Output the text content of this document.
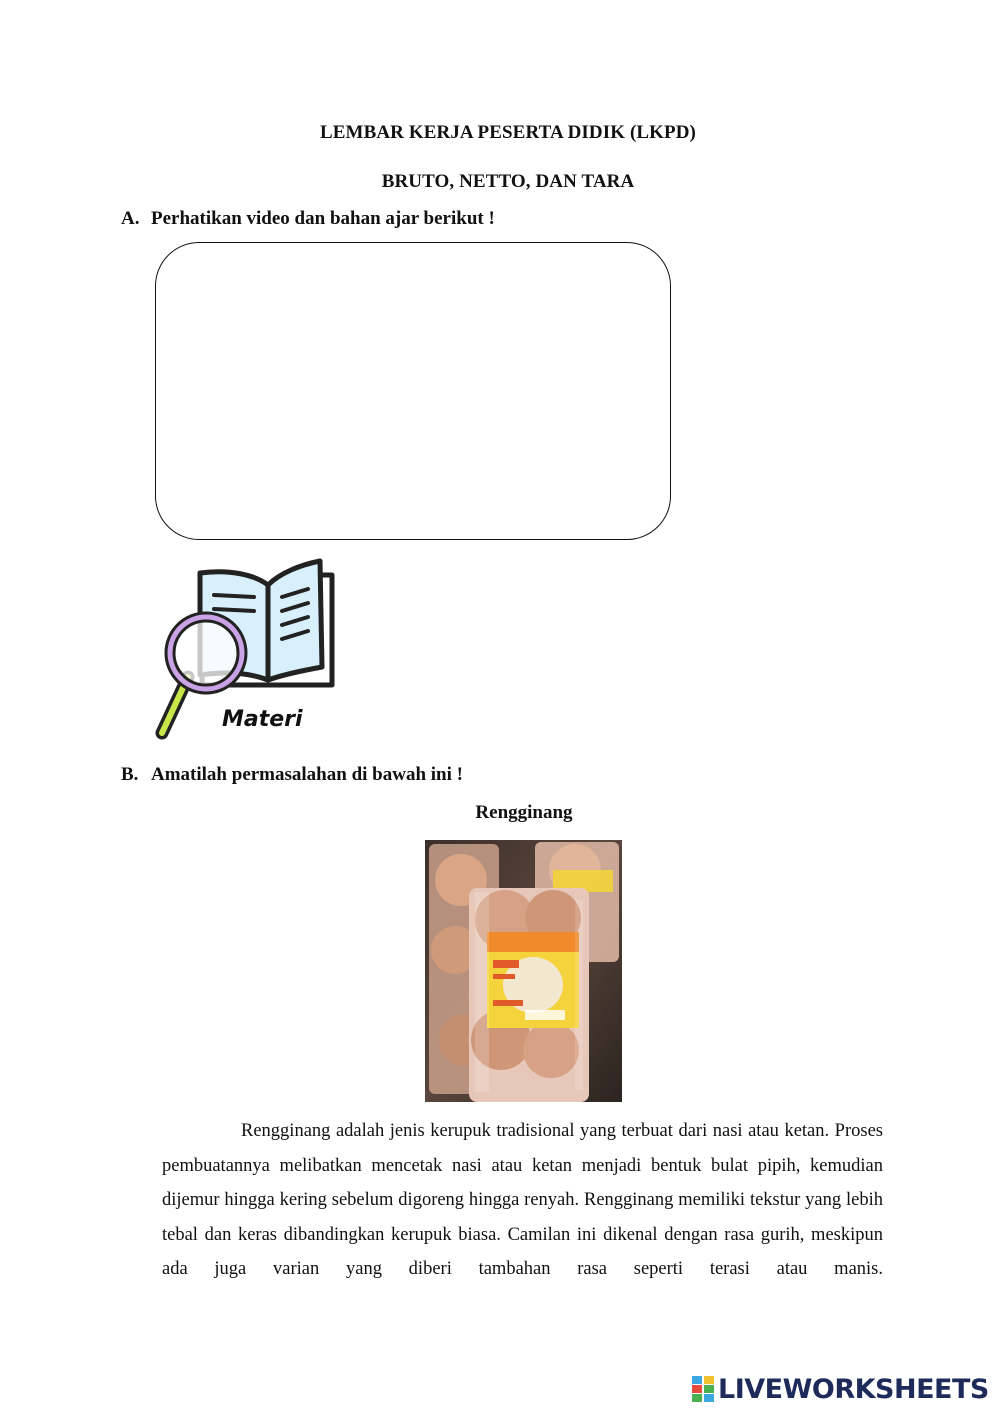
LEMBAR KERJA PESERTA DIDIK (LKPD)
BRUTO, NETTO, DAN TARA
A. Perhatikan video dan bahan ajar berikut !
Materi
B. Amatilah permasalahan di bawah ini !
Rengginang

Rengginang adalah jenis kerupuk tradisional yang terbuat dari nasi atau ketan. Proses pembuatannya melibatkan mencetak nasi atau ketan menjadi bentuk bulat pipih, kemudian dijemur hingga kering sebelum digoreng hingga renyah. Rengginang memiliki tekstur yang lebih tebal dan keras dibandingkan kerupuk biasa. Camilan ini dikenal dengan rasa gurih, meskipun ada juga varian yang diberi tambahan rasa seperti terasi atau manis.

LIVEWORKSHEETS
